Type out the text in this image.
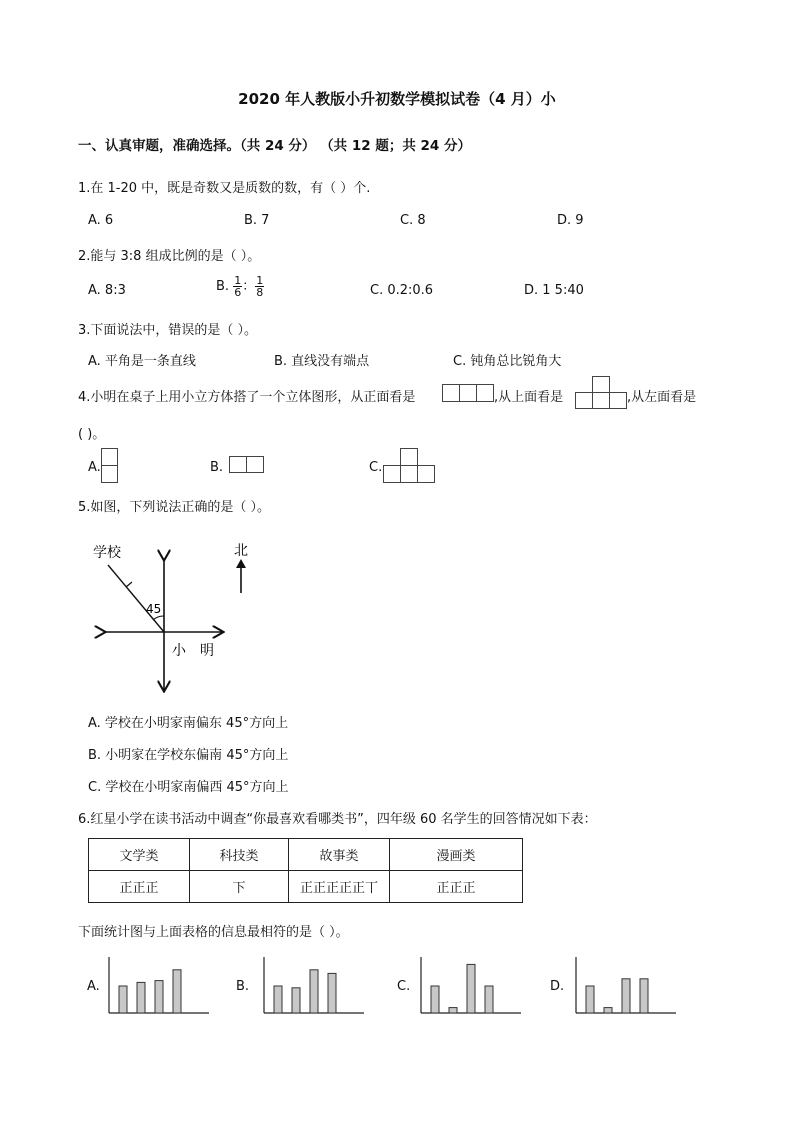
2020 年人教版小升初数学模拟试卷（4 月）小
一、认真审题，准确选择。（共 24 分） （共 12 题；共 24 分）
1.在 1-20 中，既是奇数又是质数的数，有（ ）个.
A. 6	B. 7	C. 8	D. 9
2.能与 3:8 组成比例的是（ ）。
A. 8:3	B. $\frac{1}{6}$ ： $\frac{1}{8}$	C. 0.2:0.6	D. 1 5:40
3.下面说法中，错误的是（ ）。
A. 平角是一条直线	B. 直线没有端点	C. 钝角总比锐角大
4.小明在桌子上用小立方体搭了一个立体图形，从正面看是	,从上面看是	,从左面看是
( )。
A.	B.	C.
5.如图，下列说法正确的是（ ）。
学校
45
小 明
北
A. 学校在小明家南偏东 45°方向上
B. 小明家在学校东偏南 45°方向上
C. 学校在小明家南偏西 45°方向上
6.红星小学在读书活动中调查“你最喜欢看哪类书”，四年级 60 名学生的回答情况如下表：
文学类	科技类	故事类	漫画类
正正正	下	正正正正正丅	正正正
下面统计图与上面表格的信息最相符的是（ ）。
A.	B.	C.	D.
